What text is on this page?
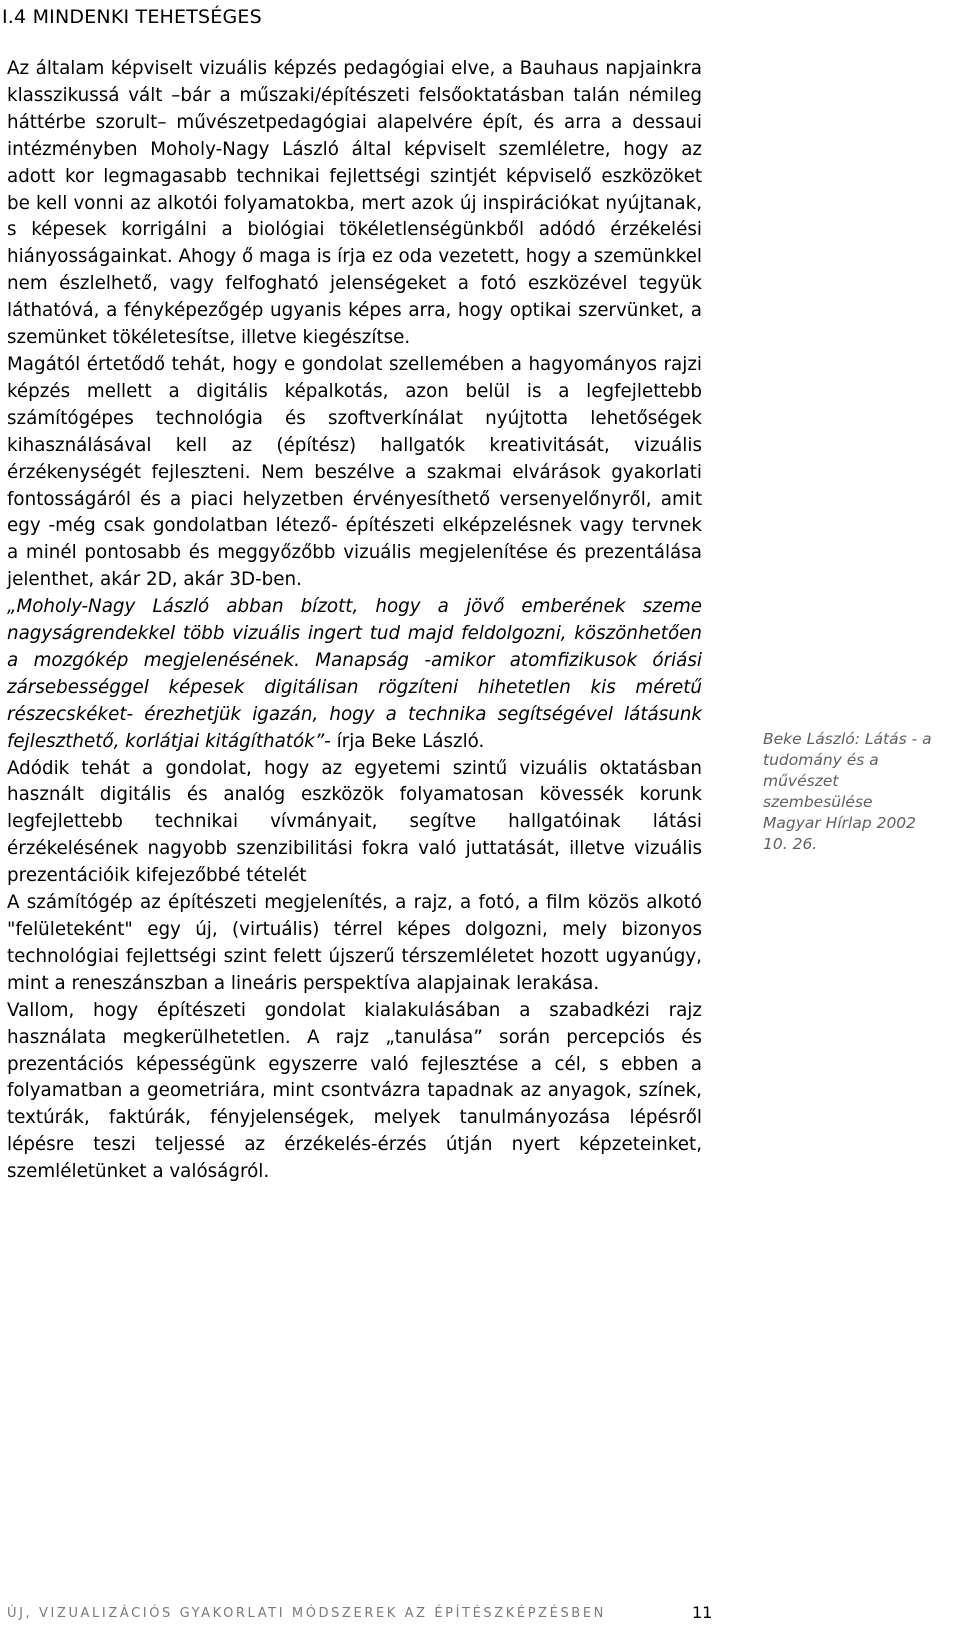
I.4 MINDENKI TEHETSÉGES

Az általam képviselt vizuális képzés pedagógiai elve, a Bauhaus napjainkra klasszikussá vált –bár a műszaki/építészeti felsőoktatásban talán némileg háttérbe szorult– művészetpedagógiai alapelvére épít, és arra a dessaui intézményben Moholy-Nagy László által képviselt szemléletre, hogy az adott kor legmagasabb technikai fejlettségi szintjét képviselő eszközöket be kell vonni az alkotói folyamatokba, mert azok új inspirációkat nyújtanak, s képesek korrigálni a biológiai tökéletlenségünkből adódó érzékelési hiányosságainkat. Ahogy ő maga is írja ez oda vezetett, hogy a szemünkkel nem észlelhető, vagy felfogható jelenségeket a fotó eszközével tegyük láthatóvá, a fényképezőgép ugyanis képes arra, hogy optikai szervünket, a szemünket tökéletesítse, illetve kiegészítse.

Magától értetődő tehát, hogy e gondolat szellemében a hagyományos rajzi képzés mellett a digitális képalkotás, azon belül is a legfejlettebb számítógépes technológia és szoftverkínálat nyújtotta lehetőségek kihasználásával kell az (építész) hallgatók kreativitását, vizuális érzékenységét fejleszteni. Nem beszélve a szakmai elvárások gyakorlati fontosságáról és a piaci helyzetben érvényesíthető versenyelőnyről, amit egy -még csak gondolatban létező- építészeti elképzelésnek vagy tervnek a minél pontosabb és meggyőzőbb vizuális megjelenítése és prezentálása jelenthet, akár 2D, akár 3D-ben.

„Moholy-Nagy László abban bízott, hogy a jövő emberének szeme nagyságrendekkel több vizuális ingert tud majd feldolgozni, köszönhetően a mozgókép megjelenésének. Manapság -amikor atomfizikusok óriási zársebességgel képesek digitálisan rögzíteni hihetetlen kis méretű részecskéket- érezhetjük igazán, hogy a technika segítségével látásunk fejleszthető, korlátjai kitágíthatók”- írja Beke László.

Adódik tehát a gondolat, hogy az egyetemi szintű vizuális oktatásban használt digitális és analóg eszközök folyamatosan kövessék korunk legfejlettebb technikai vívmányait, segítve hallgatóinak látási érzékelésének nagyobb szenzibilitási fokra való juttatását, illetve vizuális prezentációik kifejezőbbé tételét

A számítógép az építészeti megjelenítés, a rajz, a fotó, a film közös alkotó "felületeként" egy új, (virtuális) térrel képes dolgozni, mely bizonyos technológiai fejlettségi szint felett újszerű térszemléletet hozott ugyanúgy, mint a reneszánszban a lineáris perspektíva alapjainak lerakása.

Vallom, hogy építészeti gondolat kialakulásában a szabadkézi rajz használata megkerülhetetlen. A rajz „tanulása” során percepciós és prezentációs képességünk egyszerre való fejlesztése a cél, s ebben a folyamatban a geometriára, mint csontvázra tapadnak az anyagok, színek, textúrák, faktúrák, fényjelenségek, melyek tanulmányozása lépésről lépésre teszi teljessé az érzékelés-érzés útján nyert képzeteinket, szemléletünket a valóságról.

Beke László: Látás - a
tudomány és a
művészet
szembesülése
Magyar Hírlap 2002
10. 26.
ÚJ, VIZUALIZÁCIÓS GYAKORLATI MÓDSZEREK AZ ÉPÍTÉSZKÉPZÉSBEN	11
